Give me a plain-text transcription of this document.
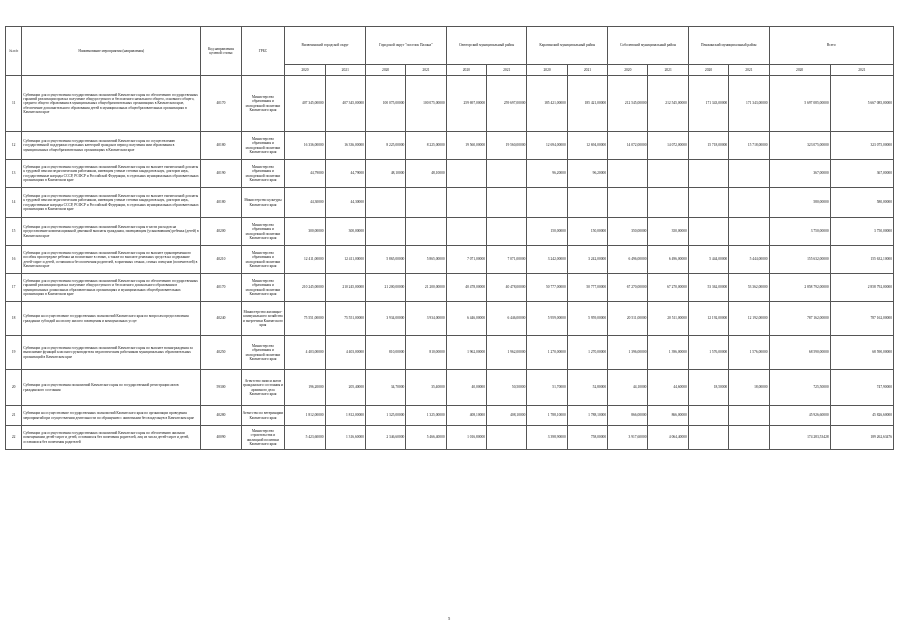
№ п/п	Наименование мероприятия (направления)	Код направления целевой статьи	ГРБС	Вилючинский городской округ		Городской округ "поселок Палана"		Олюторский муниципальный район		Карагинский муниципальный район		Соболевский муниципальный район		Пенжинский муниципальный район		Всего	
				2020	2021	2020	2021	2020	2021	2020	2021	2020	2021	2020	2021	2020	2021
11	Субвенции для осуществления государственных полномочий Камчатского края по обеспечению государственных гарантий реализации прав на получение общедоступного и бесплатного начального общего, основного общего, среднего общего образования в муниципальных общеобразовательных организациях в Камчатском крае, обеспечение дополнительного образования детей в муниципальных общеобразовательных организациях в Камчатском крае	40170	Министерство образования и молодежной политики Камчатского края	407 345,00000	407 345,00000	100 075,00000	100 075,00000	259 697,00000	259 697,00000	185 421,00000	185 421,00000	212 545,00000	212 545,00000	171 343,00000	171 343,00000	5 697 085,00000	5 667 085,00000
12	Субвенции для осуществления государственных полномочий Камчатского края по осуществлению государственной поддержки отдельных категорий граждан в период получения ими образования в муниципальных общеобразовательных организациях в Камчатском крае	40180	Министерство образования и молодежной политики Камчатского края	16 336,00000	16 336,00000	8 225,00000	8 225,00000	19 560,00000	19 560,00000	12 694,00000	12 694,00000	14 072,00000	14 072,00000	15 718,00000	15 718,00000	323 075,00000	323 075,00000
13	Субвенции для осуществления государственных полномочий Камчатского края по выплате ежемесячной доплаты к трудовой пенсии педагогическим работникам, имеющим ученые степени кандидатов наук, докторов наук, государственные награды СССР, РСФСР и Российской Федерации, в отдельных муниципальных образовательных организациях в Камчатском крае	40190	Министерство образования и молодежной политики Камчатского края	44,79000	44,79000	48,10000	48,10000			96,20000	96,20000					367,00000	367,00000
14	Субвенции для осуществления государственных полномочий Камчатского края по выплате ежемесячной доплаты к трудовой пенсии педагогическим работникам, имеющим ученые степени кандидатов наук, докторов наук, государственные награды СССР, РСФСР и Российской Федерации, в отдельных муниципальных образовательных организациях в Камчатском крае	40180	Министерство культуры Камчатского края	44,30000	44,30000											580,00000	580,00000
15	Субвенции для осуществления государственных полномочий Камчатского края в части расходов на предоставление компенсационной денежной выплаты гражданам, замещающим (усыновившим) ребенка (детей) в Камчатском крае	40200	Министерство образования и молодежной политики Камчатского края	300,00000	300,00000					150,00000	150,00000	350,00000	350,00000			3 750,00000	3 750,00000
16	Субвенции для осуществления государственных полномочий Камчатского края по выплате единовременного пособия при передаче ребенка на воспитание в семью, а также по выплате денежных средств на содержание детей-сирот и детей, оставшихся без попечения родителей, в приемных семьях, семьях опекунов (попечителей) в Камчатском крае	40210	Министерство образования и молодежной политики Камчатского края	12 411,00000	12 411,00000	5 865,00000	5 865,00000	7 071,00000	7 071,00000	3 242,00000	3 242,00000	6 496,00000	6 496,00000	5 444,00000	5 444,00000	155 632,00000	155 632,10000
17	Субвенции для осуществления государственных полномочий Камчатского края по обеспечению государственных гарантий реализации прав на получение общедоступного и бесплатного дошкольного образования в муниципальных дошкольных образовательных организациях и муниципальных общеобразовательных организациях в Камчатском крае	40170	Министерство образования и молодежной политики Камчатского края	210 245,00000	210 245,00000	21 200,00000	21 200,00000	40 478,00000	40 478,00000	50 777,00000	50 777,00000	67 270,00000	67 270,00000	53 362,00000	53 362,00000	2 858 792,00000	2 858 792,00000
18	Субвенции на осуществление государственных полномочий Камчатского края по вопросам предоставления гражданам субсидий на оплату жилого помещения и коммунальных услуг	40240	Министерство жилищно-коммунального хозяйства и энергетики Камчатского края	75 551,00000	75 551,00000	3 934,00000	3 934,00000	6 446,00000	6 446,00000	5 959,00000	5 959,00000	20 511,00000	20 511,00000	12 192,00000	12 192,00000	787 162,00000	787 162,00000
19	Субвенции для осуществления государственных полномочий Камчатского края по выплате вознаграждения за выполнение функций классного руководителя педагогическим работникам муниципальных образовательных организаций в Камчатском крае	40250	Министерство образования и молодежной политики Камчатского края	4 403,00000	4 403,00000	810,00000	810,00000	1 962,00000	1 962,00000	1 270,00000	1 270,00000	1 396,00000	1 396,00000	1 576,00000	1 576,00000	68 590,00000	68 590,00000
20	Субвенции для осуществления полномочий Камчатского края по государственной регистрации актов гражданского состояния	59300	Агентство записи актов гражданского состояния и архивного дела Камчатского края	196,20000	205,40000	34,70000	35,40000	40,00000	50,50000	51,70000	52,80000	44,10000	44,60000	18,50000	18,00000	725,50000	747,90000
21	Субвенции на осуществление государственных полномочий Камчатского края по организации проведения мероприятий при осуществлении деятельности по обращению с животными без владельцев в Камчатском крае	40280	Агентство по ветеринарии Камчатского края	1 812,00000	1 812,00000	1 325,00000	1 325,00000	408,10000	408,10000	1 788,10000	1 788,10000	866,00000	866,00000			45 926,60000	45 826,60000
22	Субвенции для осуществления государственных полномочий Камчатского края по обеспечению жилыми помещениями детей-сирот и детей, оставшихся без попечения родителей, лиц из числа детей-сирот и детей, оставшихся без попечения родителей	40090	Министерство строительства и жилищной политики Камчатского края	5 423,60000	1 316,60000	2 346,60000	5 466,40000	1 016,80000		3 398,90000	758,00000	3 917,60000	4 064,40000			174 283,53428	189 262,63476
5
